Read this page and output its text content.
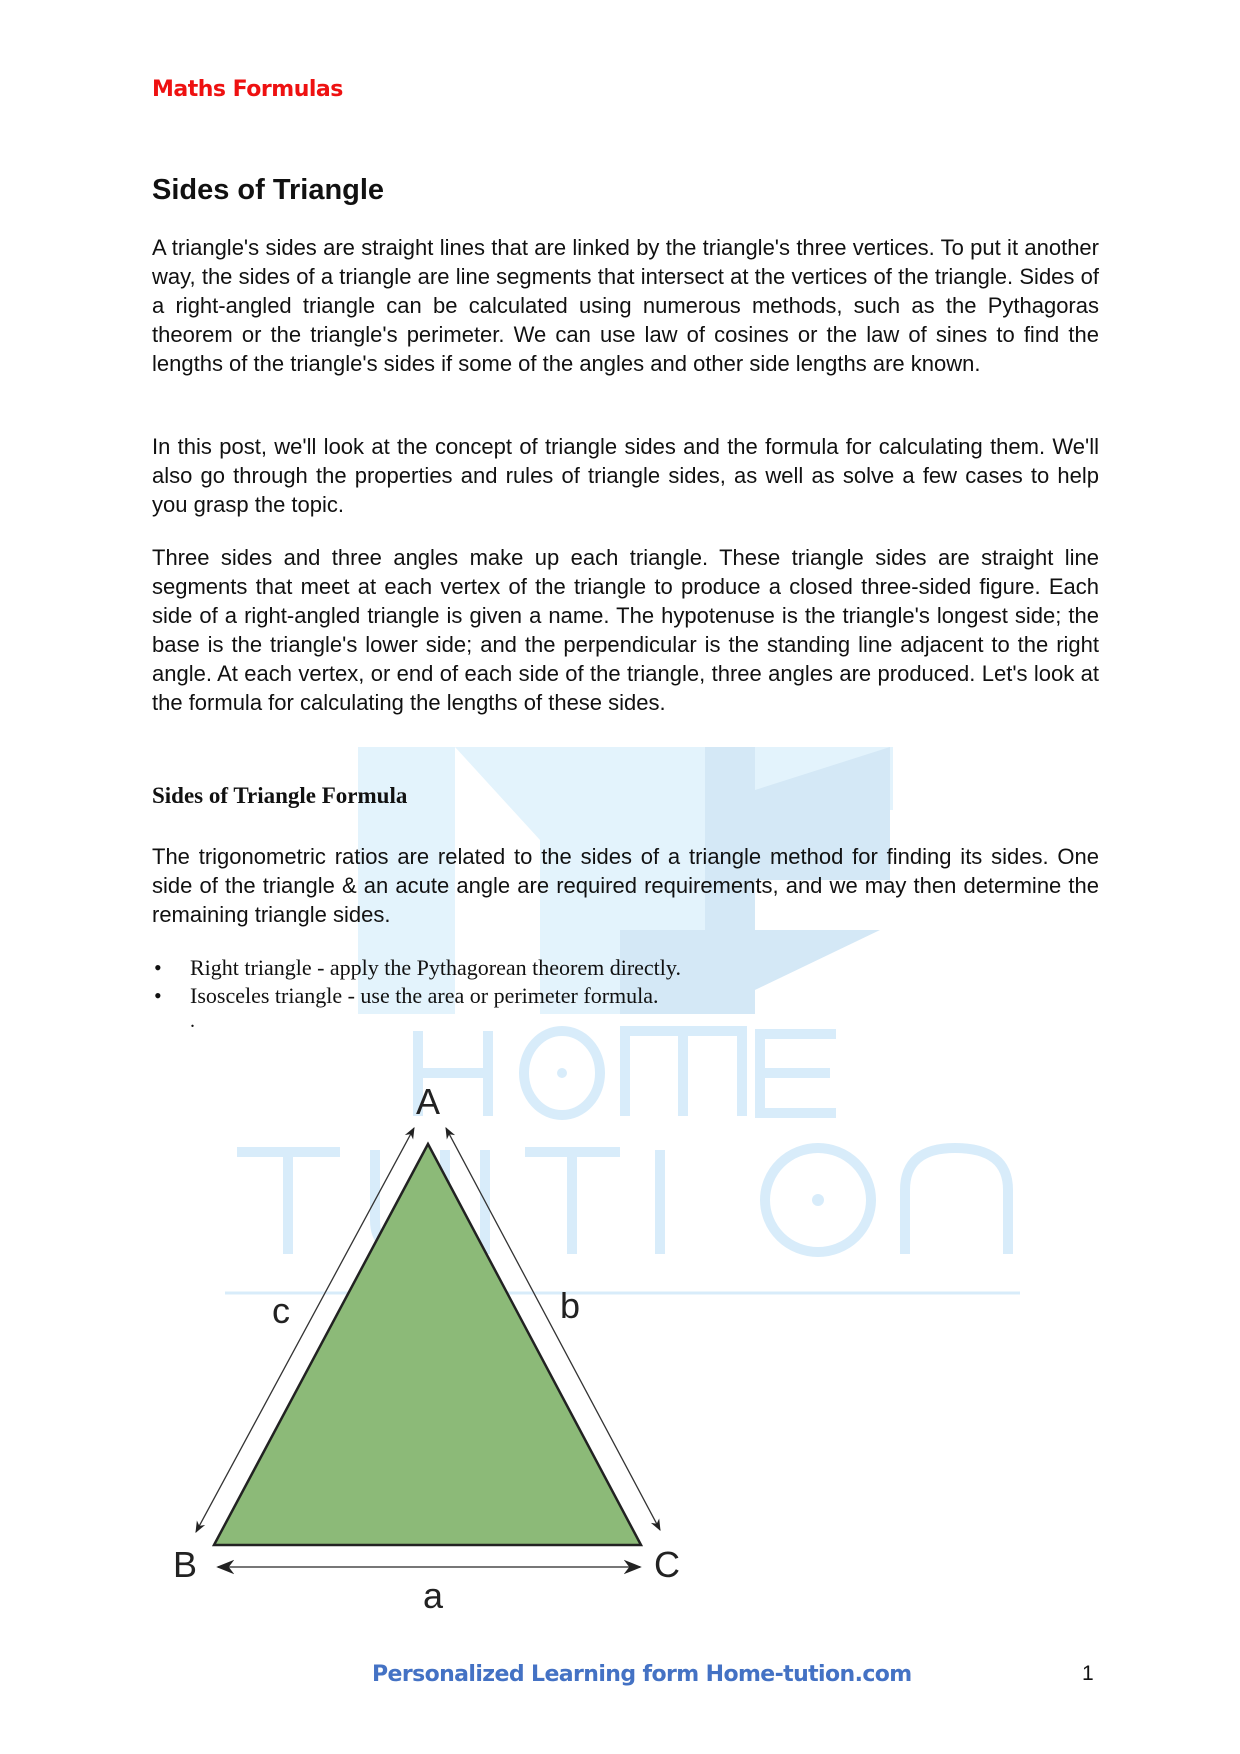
Maths Formulas
Sides of Triangle

A triangle's sides are straight lines that are linked by the triangle's three vertices. To put it another way, the sides of a triangle are line segments that intersect at the vertices of the triangle. Sides of a right-angled triangle can be calculated using numerous methods, such as the Pythagoras theorem or the triangle's perimeter. We can use law of cosines or the law of sines to find the lengths of the triangle's sides if some of the angles and other side lengths are known.

In this post, we'll look at the concept of triangle sides and the formula for calculating them. We'll also go through the properties and rules of triangle sides, as well as solve a few cases to help you grasp the topic.

Three sides and three angles make up each triangle. These triangle sides are straight line segments that meet at each vertex of the triangle to produce a closed three-sided figure. Each side of a right-angled triangle is given a name. The hypotenuse is the triangle's longest side; the base is the triangle's lower side; and the perpendicular is the standing line adjacent to the right angle. At each vertex, or end of each side of the triangle, three angles are produced. Let's look at the formula for calculating the lengths of these sides.

Sides of Triangle Formula

The trigonometric ratios are related to the sides of a triangle method for finding its sides. One side of the triangle & an acute angle are required requirements, and we may then determine the remaining triangle sides.

• Right triangle - apply the Pythagorean theorem directly.
• Isosceles triangle - use the area or perimeter formula.
.
A
B	C
a
b
c
Personalized Learning form Home-tution.com	1
